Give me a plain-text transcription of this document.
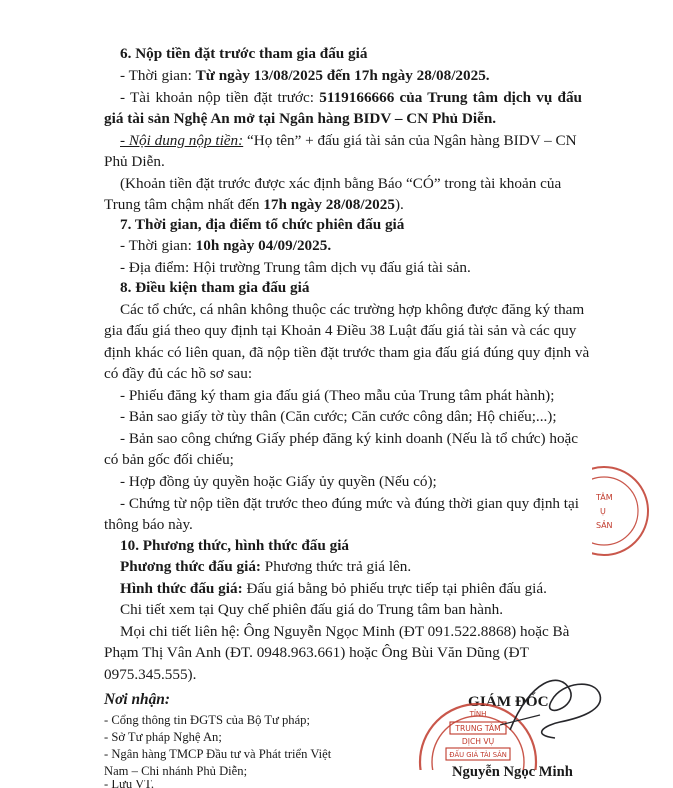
6. Nộp tiền đặt trước tham gia đấu giá
- Thời gian: Từ ngày 13/08/2025 đến 17h ngày 28/08/2025.
- Tài khoản nộp tiền đặt trước: 5119166666 của Trung tâm dịch vụ đấu
giá tài sản Nghệ An mở tại Ngân hàng BIDV – CN Phủ Diễn.
- Nội dung nộp tiền: “Họ tên” + đấu giá tài sản của Ngân hàng BIDV – CN
Phủ Diễn.
(Khoản tiền đặt trước được xác định bằng Báo “CÓ” trong tài khoản của
Trung tâm chậm nhất đến 17h ngày 28/08/2025).
7. Thời gian, địa điểm tổ chức phiên đấu giá
- Thời gian: 10h ngày 04/09/2025.
- Địa điểm: Hội trường Trung tâm dịch vụ đấu giá tài sản.
8. Điều kiện tham gia đấu giá
Các tổ chức, cá nhân không thuộc các trường hợp không được đăng ký tham
gia đấu giá theo quy định tại Khoản 4 Điều 38 Luật đấu giá tài sản và các quy
định khác có liên quan, đã nộp tiền đặt trước tham gia đấu giá đúng quy định và
có đầy đủ các hồ sơ sau:
- Phiếu đăng ký tham gia đấu giá (Theo mẫu của Trung tâm phát hành);
- Bản sao giấy tờ tùy thân (Căn cước; Căn cước công dân; Hộ chiếu;...);
- Bản sao công chứng Giấy phép đăng ký kinh doanh (Nếu là tổ chức) hoặc
có bản gốc đối chiếu;
- Hợp đồng ủy quyền hoặc Giấy ủy quyền (Nếu có);
- Chứng từ nộp tiền đặt trước theo đúng mức và đúng thời gian quy định tại
thông báo này.
10. Phương thức, hình thức đấu giá
Phương thức đấu giá: Phương thức trả giá lên.
Hình thức đấu giá: Đấu giá bằng bỏ phiếu trực tiếp tại phiên đấu giá.
Chi tiết xem tại Quy chế phiên đấu giá do Trung tâm ban hành.
Mọi chi tiết liên hệ: Ông Nguyễn Ngọc Minh (ĐT 091.522.8868) hoặc Bà
Phạm Thị Vân Anh (ĐT. 0948.963.661) hoặc Ông Bùi Văn Dũng (ĐT
0975.345.555).
Nơi nhận:
- Cổng thông tin ĐGTS của Bộ Tư pháp;
- Sở Tư pháp Nghệ An;
- Ngân hàng TMCP Đầu tư và Phát triển Việt
Nam – Chi nhánh Phủ Diễn;
- Lưu VT.
GIÁM ĐỐC
Nguyễn Ngọc Minh
TỈNH
TRUNG TÂM
DỊCH VỤ
ĐẤU GIÁ TÀI SẢN
TÂM
Ụ
SẢN
